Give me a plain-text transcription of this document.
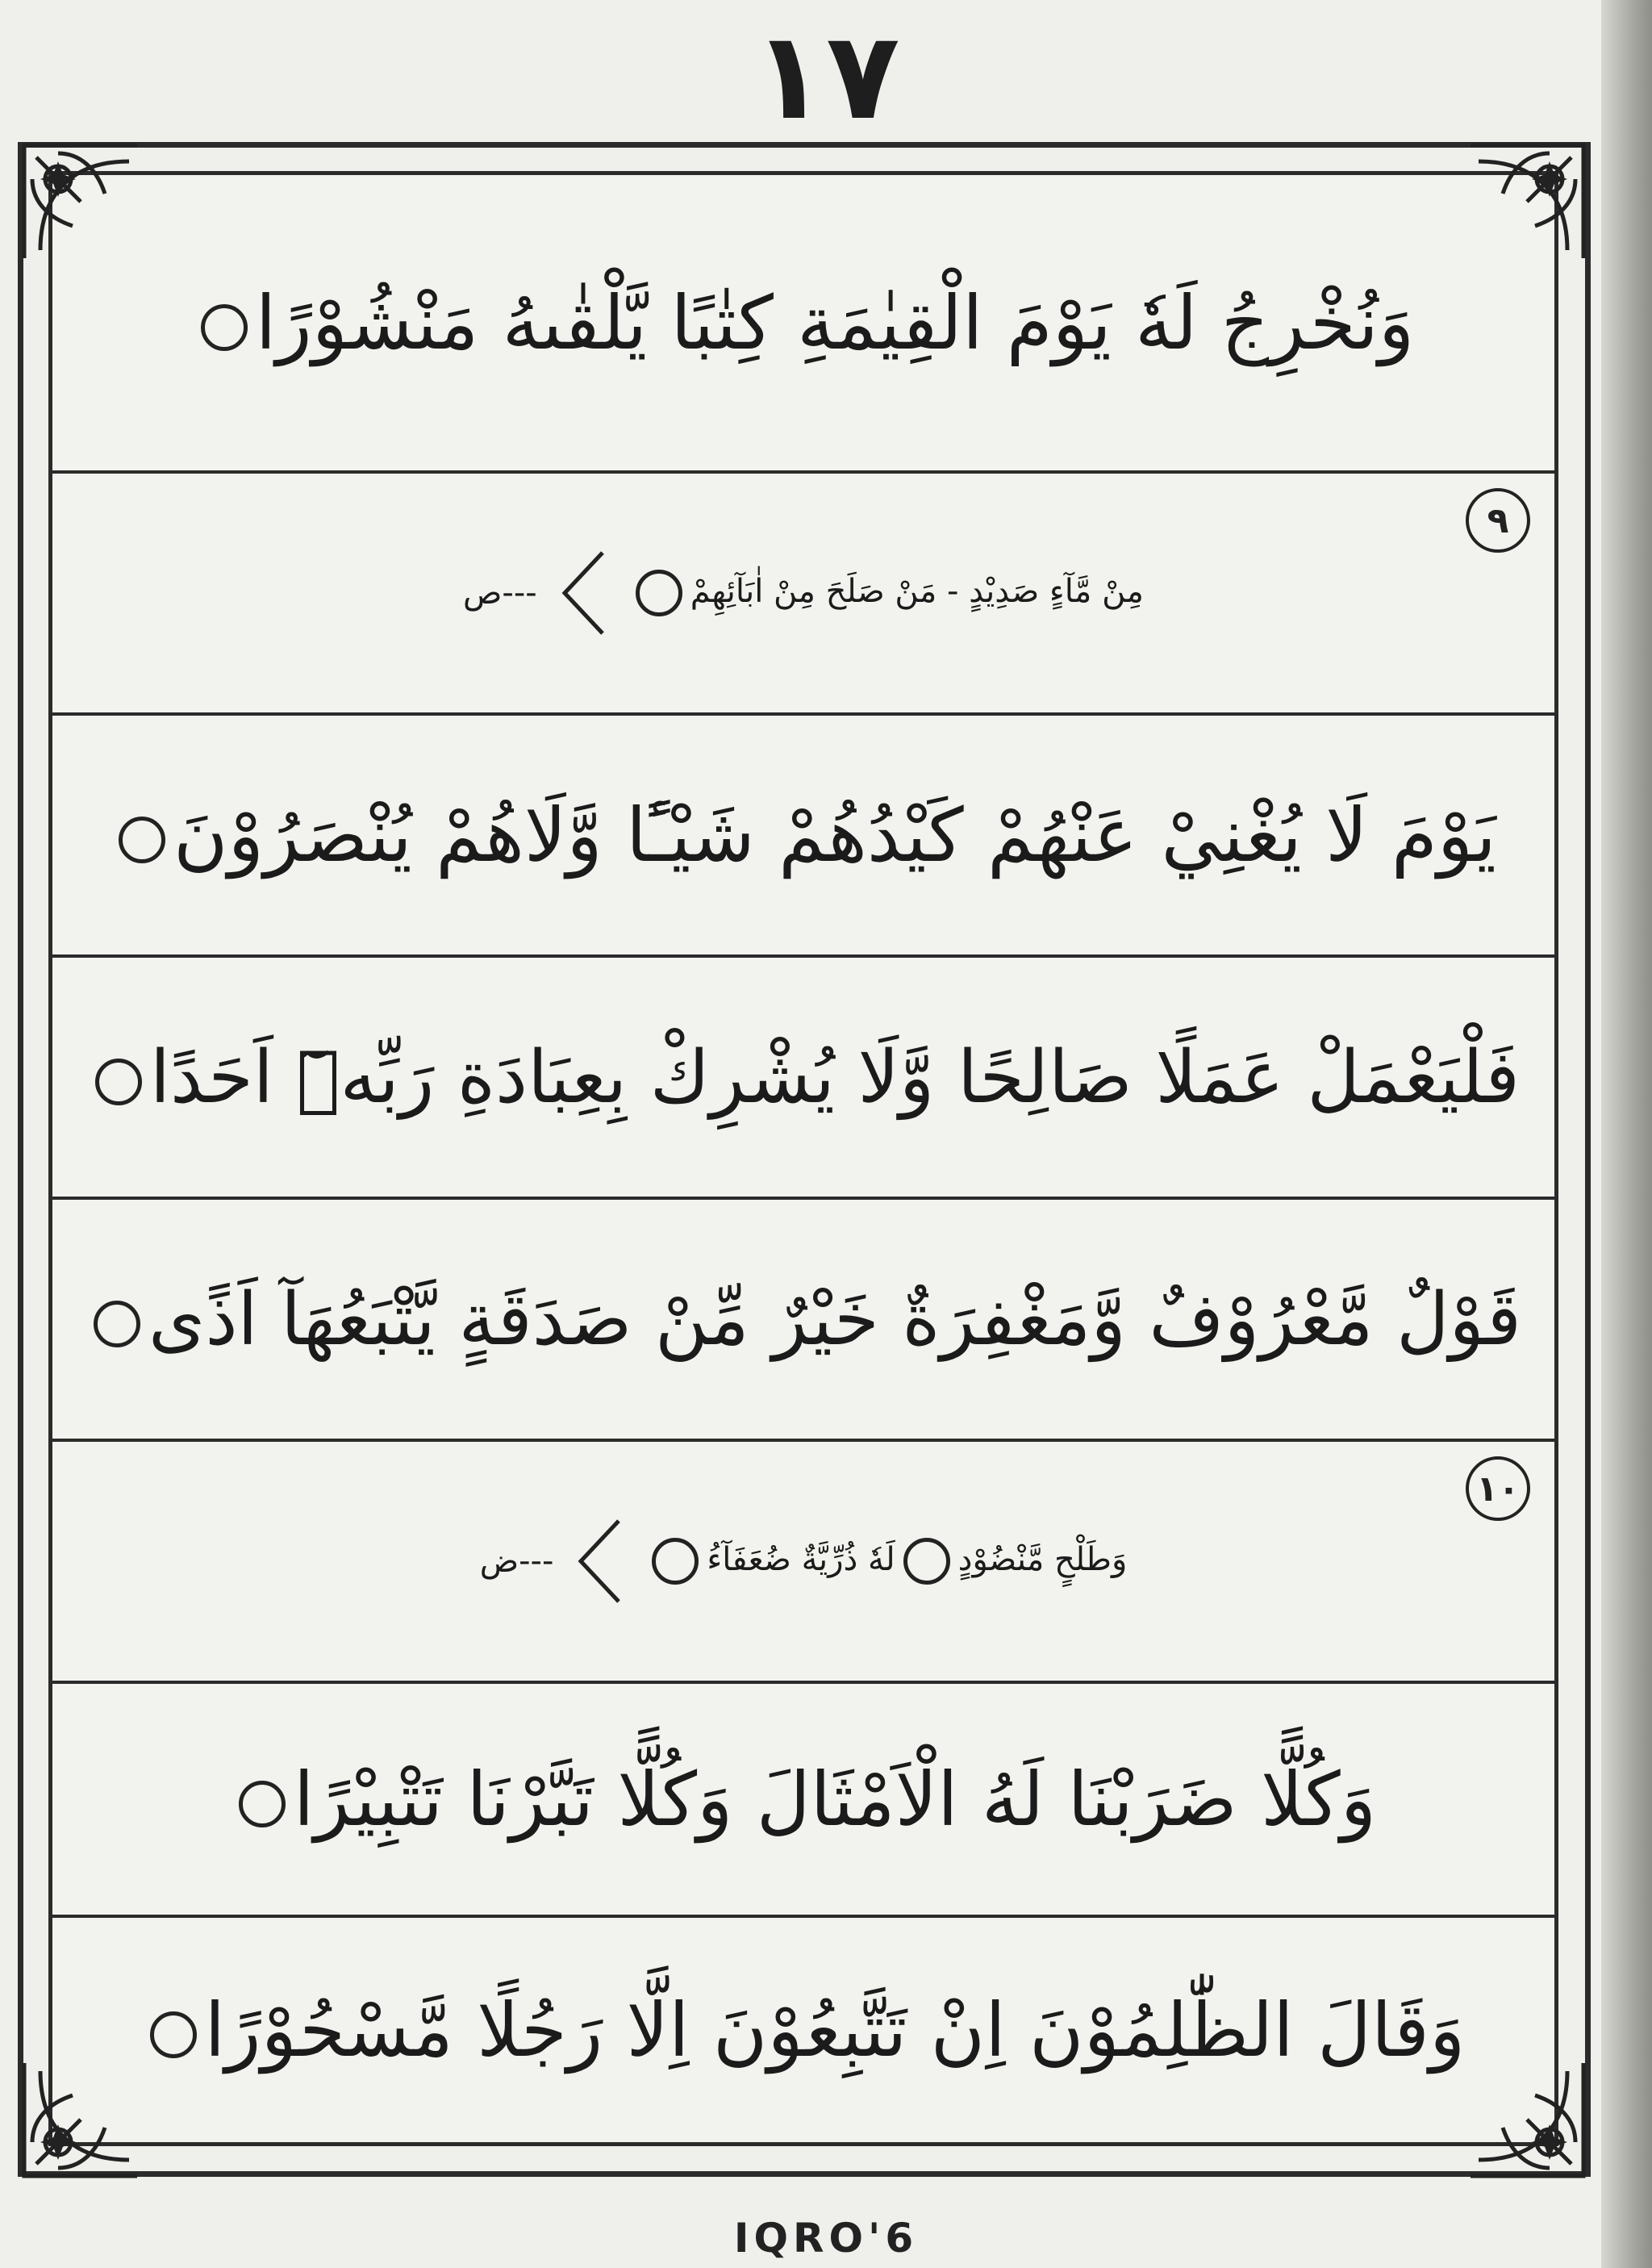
١٧
وَنُخْرِجُ لَهٗ يَوْمَ الْقِيٰمَةِ كِتٰبًا يَّلْقٰىهُ مَنْشُوْرًا
٩
مِنْ مَّآءٍ صَدِيْدٍ - مَنْ صَلَحَ مِنْ اٰبَآئِهِمْ
---ص
يَوْمَ لَا يُغْنِيْ عَنْهُمْ كَيْدُهُمْ شَيْـًٔا وَّلَاهُمْ يُنْصَرُوْنَ
فَلْيَعْمَلْ عَمَلًا صَالِحًا وَّلَا يُشْرِكْ بِعِبَادَةِ رَبِّهٖٓ اَحَدًا
قَوْلٌ مَّعْرُوْفٌ وَّمَغْفِرَةٌ خَيْرٌ مِّنْ صَدَقَةٍ يَّتْبَعُهَآ اَذًى
١٠
وَطَلْحٍ مَّنْضُوْدٍلَهٗ ذُرِّيَّةٌ ضُعَفَآءُ
---ض
وَكُلًّا ضَرَبْنَا لَهُ الْاَمْثَالَ وَكُلًّا تَبَّرْنَا تَتْبِيْرًا
وَقَالَ الظّٰلِمُوْنَ اِنْ تَتَّبِعُوْنَ اِلَّا رَجُلًا مَّسْحُوْرًا
IQRO'6
